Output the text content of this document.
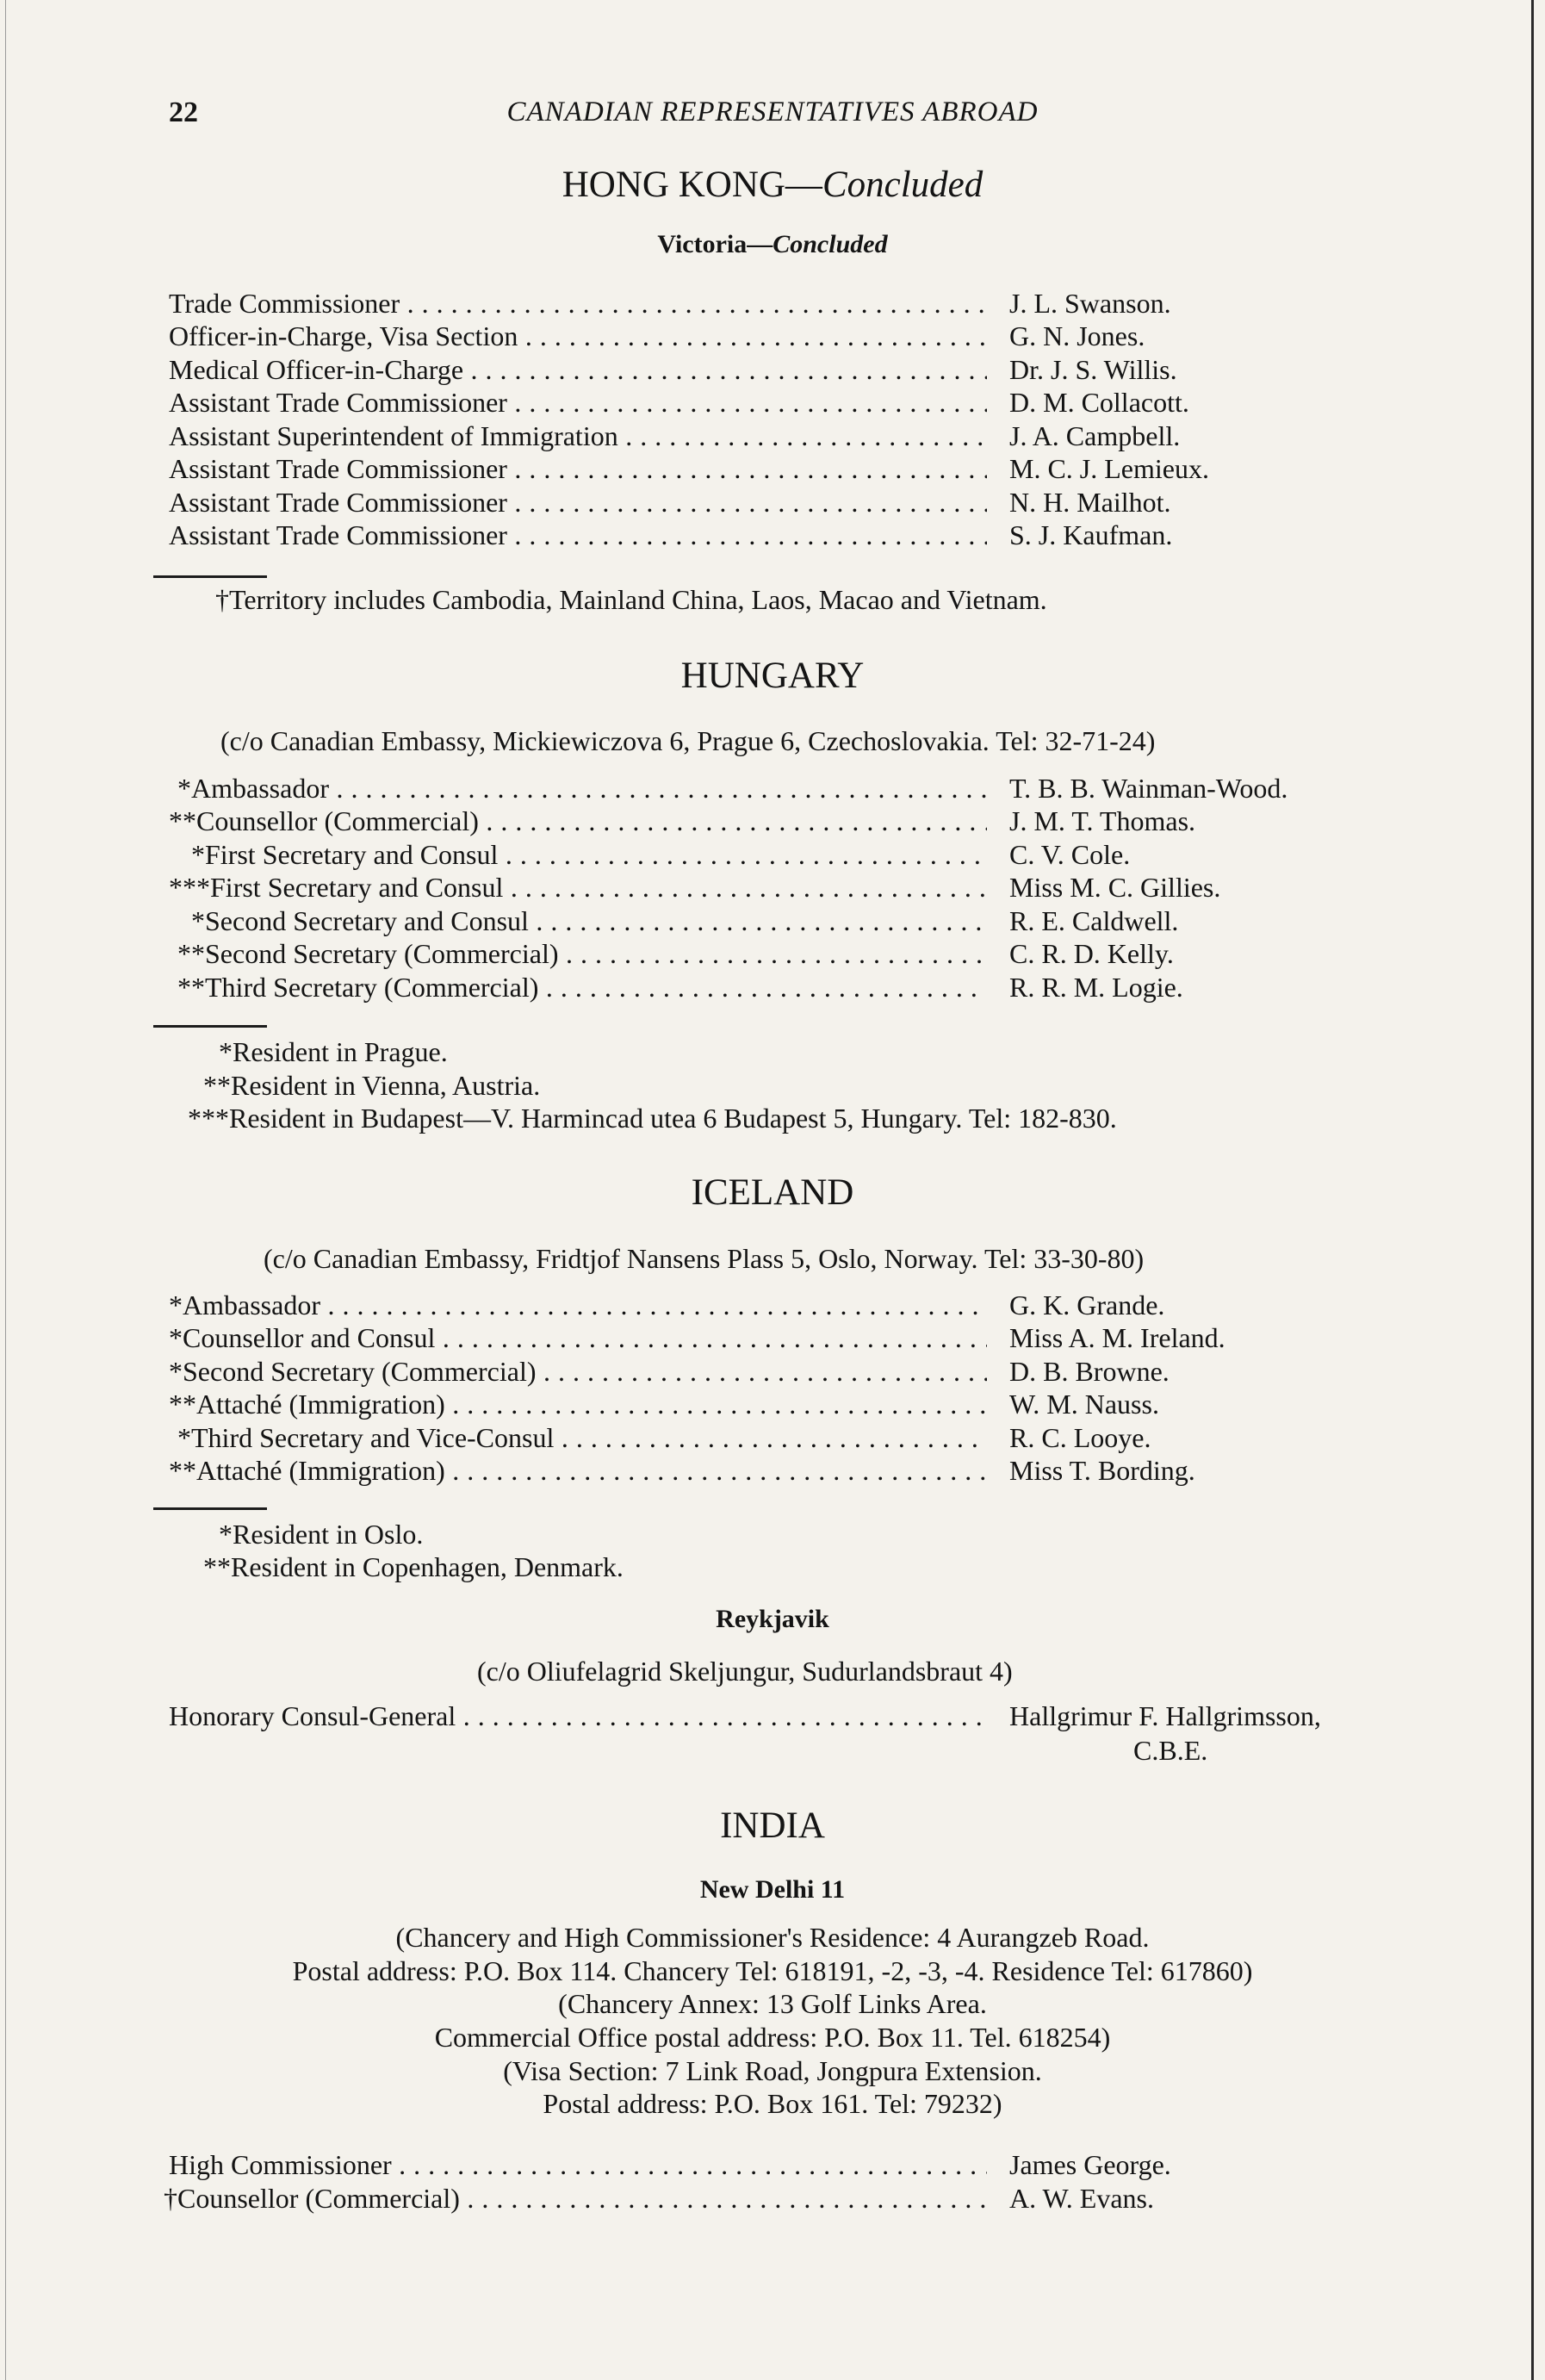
22	CANADIAN REPRESENTATIVES ABROAD
HONG KONG—Concluded
Victoria—Concluded
Trade Commissioner . . .	J. L. Swanson.
Officer-in-Charge, Visa Section . . .	G. N. Jones.
Medical Officer-in-Charge . . .	Dr. J. S. Willis.
Assistant Trade Commissioner . . .	D. M. Collacott.
Assistant Superintendent of Immigration . . .	J. A. Campbell.
Assistant Trade Commissioner . . .	M. C. J. Lemieux.
Assistant Trade Commissioner . . .	N. H. Mailhot.
Assistant Trade Commissioner . . .	S. J. Kaufman.
†Territory includes Cambodia, Mainland China, Laos, Macao and Vietnam.
HUNGARY
(c/o Canadian Embassy, Mickiewiczova 6, Prague 6, Czechoslovakia. Tel: 32-71-24)
*Ambassador . . .	T. B. B. Wainman-Wood.
**Counsellor (Commercial) . . .	J. M. T. Thomas.
*First Secretary and Consul . . .	C. V. Cole.
***First Secretary and Consul . . .	Miss M. C. Gillies.
*Second Secretary and Consul . . .	R. E. Caldwell.
**Second Secretary (Commercial) . . .	C. R. D. Kelly.
**Third Secretary (Commercial) . . .	R. R. M. Logie.
*Resident in Prague.
**Resident in Vienna, Austria.
***Resident in Budapest—V. Harmincad utea 6 Budapest 5, Hungary. Tel: 182-830.
ICELAND
(c/o Canadian Embassy, Fridtjof Nansens Plass 5, Oslo, Norway. Tel: 33-30-80)
*Ambassador . . .	G. K. Grande.
*Counsellor and Consul . . .	Miss A. M. Ireland.
*Second Secretary (Commercial) . . .	D. B. Browne.
**Attaché (Immigration) . . .	W. M. Nauss.
*Third Secretary and Vice-Consul . . .	R. C. Looye.
**Attaché (Immigration) . . .	Miss T. Bording.
*Resident in Oslo.
**Resident in Copenhagen, Denmark.
Reykjavik
(c/o Oliufelagrid Skeljungur, Sudurlandsbraut 4)
Honorary Consul-General . . .	Hallgrimur F. Hallgrimsson,
C.B.E.
INDIA
New Delhi 11
(Chancery and High Commissioner's Residence: 4 Aurangzeb Road.
Postal address: P.O. Box 114. Chancery Tel: 618191, -2, -3, -4. Residence Tel: 617860)
(Chancery Annex: 13 Golf Links Area.
Commercial Office postal address: P.O. Box 11. Tel. 618254)
(Visa Section: 7 Link Road, Jongpura Extension.
Postal address: P.O. Box 161. Tel: 79232)
High Commissioner . . .	James George.
†Counsellor (Commercial) . . .	A. W. Evans.
